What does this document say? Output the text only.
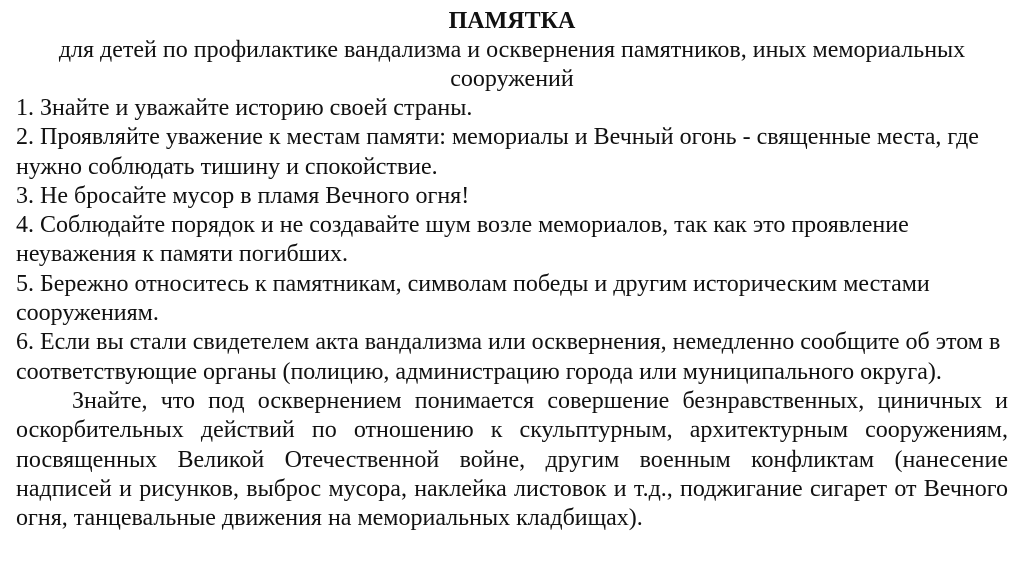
ПАМЯТКА

для детей по профилактике вандализма и осквернения памятников, иных мемориальных сооружений

1. Знайте и уважайте историю своей страны.

2. Проявляйте уважение к местам памяти: мемориалы и Вечный огонь - священные места, где нужно соблюдать тишину и спокойствие.

3. Не бросайте мусор в пламя Вечного огня!

4. Соблюдайте порядок и не создавайте шум возле мемориалов, так как это проявление неуважения к памяти погибших.

5. Бережно относитесь к памятникам, символам победы и другим историческим местами сооружениям.

6. Если вы стали свидетелем акта вандализма или осквернения, немедленно сообщите об этом в соответствующие органы (полицию, администрацию города или муниципального округа).

Знайте, что под осквернением понимается совершение безнравственных, циничных и оскорбительных действий по отношению к скульптурным, архитектурным сооружениям, посвященных Великой Отечественной войне, другим военным конфликтам (нанесение надписей и рисунков, выброс мусора, наклейка листовок и т.д., поджигание сигарет от Вечного огня, танцевальные движения на мемориальных кладбищах).
